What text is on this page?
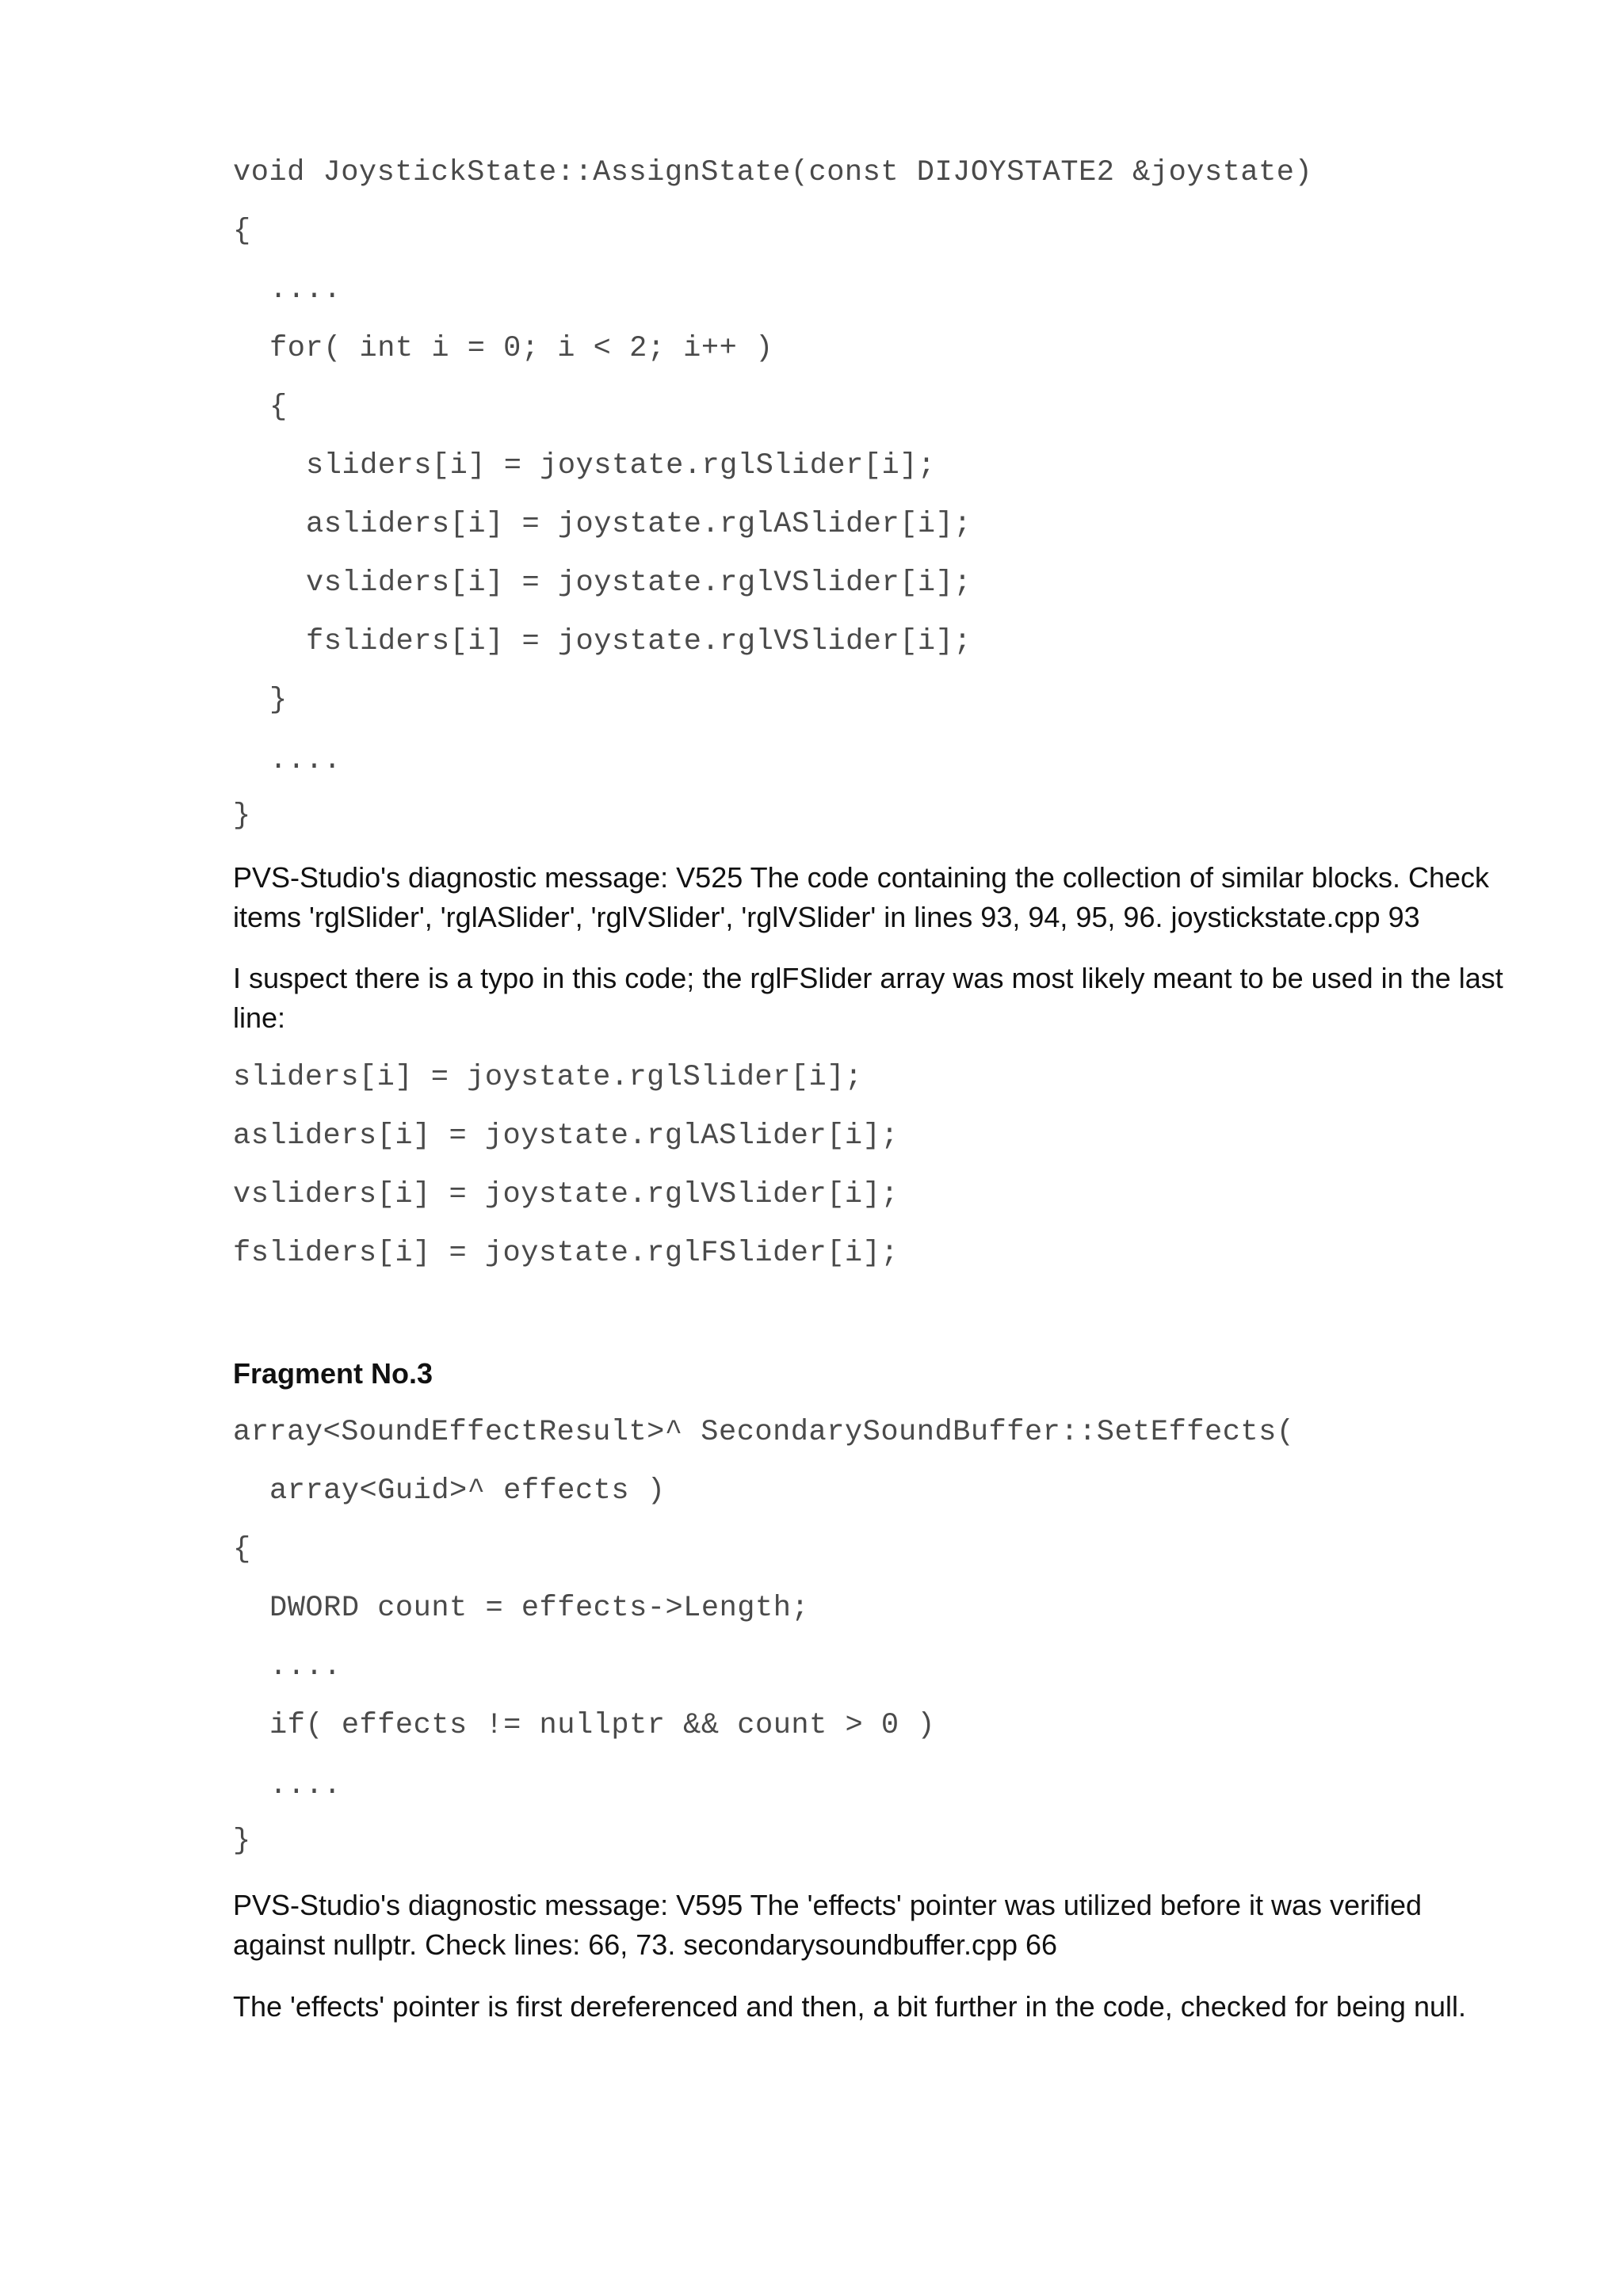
void JoystickState::AssignState(const DIJOYSTATE2 &joystate)
{
....
for( int i = 0; i < 2; i++ )
{
sliders[i] = joystate.rglSlider[i];
asliders[i] = joystate.rglASlider[i];
vsliders[i] = joystate.rglVSlider[i];
fsliders[i] = joystate.rglVSlider[i];
}
....
}

PVS-Studio's diagnostic message: V525 The code containing the collection of similar blocks. Check items 'rglSlider', 'rglASlider', 'rglVSlider', 'rglVSlider' in lines 93, 94, 95, 96. joystickstate.cpp 93

I suspect there is a typo in this code; the rglFSlider array was most likely meant to be used in the last line:

sliders[i] = joystate.rglSlider[i];
asliders[i] = joystate.rglASlider[i];
vsliders[i] = joystate.rglVSlider[i];
fsliders[i] = joystate.rglFSlider[i];
Fragment No.3
array<SoundEffectResult>^ SecondarySoundBuffer::SetEffects(
array<Guid>^ effects )
{
DWORD count = effects->Length;
....
if( effects != nullptr && count > 0 )
....
}

PVS-Studio's diagnostic message: V595 The 'effects' pointer was utilized before it was verified against nullptr. Check lines: 66, 73. secondarysoundbuffer.cpp 66

The 'effects' pointer is first dereferenced and then, a bit further in the code, checked for being null.
